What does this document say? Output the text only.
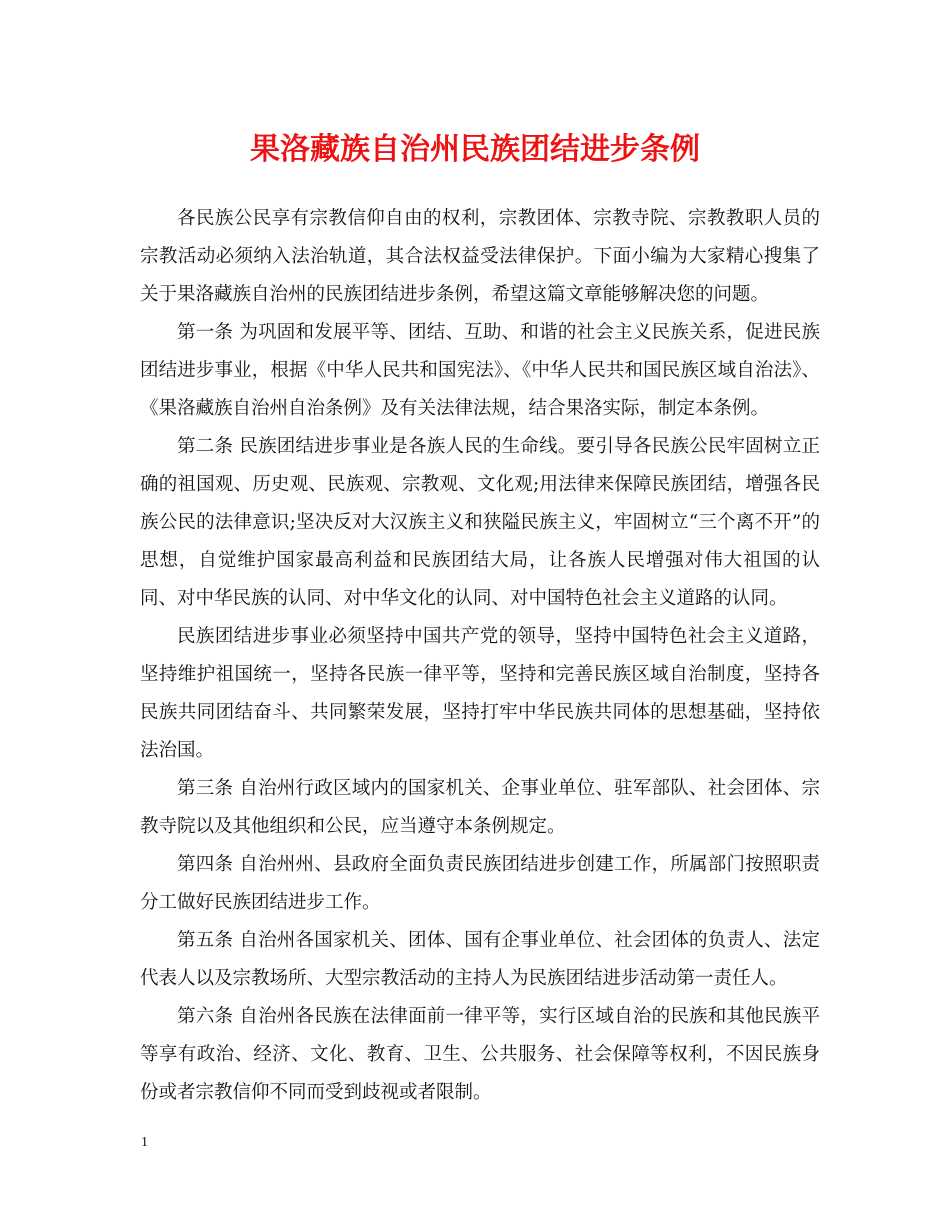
果洛藏族自治州民族团结进步条例

各民族公民享有宗教信仰自由的权利，宗教团体、宗教寺院、宗教教职人员的宗教活动必须纳入法治轨道，其合法权益受法律保护。下面小编为大家精心搜集了关于果洛藏族自治州的民族团结进步条例，希望这篇文章能够解决您的问题。

第一条 为巩固和发展平等、团结、互助、和谐的社会主义民族关系，促进民族团结进步事业，根据《中华人民共和国宪法》、《中华人民共和国民族区域自治法》、《果洛藏族自治州自治条例》及有关法律法规，结合果洛实际，制定本条例。

第二条 民族团结进步事业是各族人民的生命线。要引导各民族公民牢固树立正确的祖国观、历史观、民族观、宗教观、文化观;用法律来保障民族团结，增强各民族公民的法律意识;坚决反对大汉族主义和狭隘民族主义，牢固树立“三个离不开”的思想，自觉维护国家最高利益和民族团结大局，让各族人民增强对伟大祖国的认同、对中华民族的认同、对中华文化的认同、对中国特色社会主义道路的认同。

民族团结进步事业必须坚持中国共产党的领导，坚持中国特色社会主义道路，坚持维护祖国统一，坚持各民族一律平等，坚持和完善民族区域自治制度，坚持各民族共同团结奋斗、共同繁荣发展，坚持打牢中华民族共同体的思想基础，坚持依法治国。

第三条 自治州行政区域内的国家机关、企事业单位、驻军部队、社会团体、宗教寺院以及其他组织和公民，应当遵守本条例规定。

第四条 自治州州、县政府全面负责民族团结进步创建工作，所属部门按照职责分工做好民族团结进步工作。

第五条 自治州各国家机关、团体、国有企事业单位、社会团体的负责人、法定代表人以及宗教场所、大型宗教活动的主持人为民族团结进步活动第一责任人。

第六条 自治州各民族在法律面前一律平等，实行区域自治的民族和其他民族平等享有政治、经济、文化、教育、卫生、公共服务、社会保障等权利，不因民族身份或者宗教信仰不同而受到歧视或者限制。

1
